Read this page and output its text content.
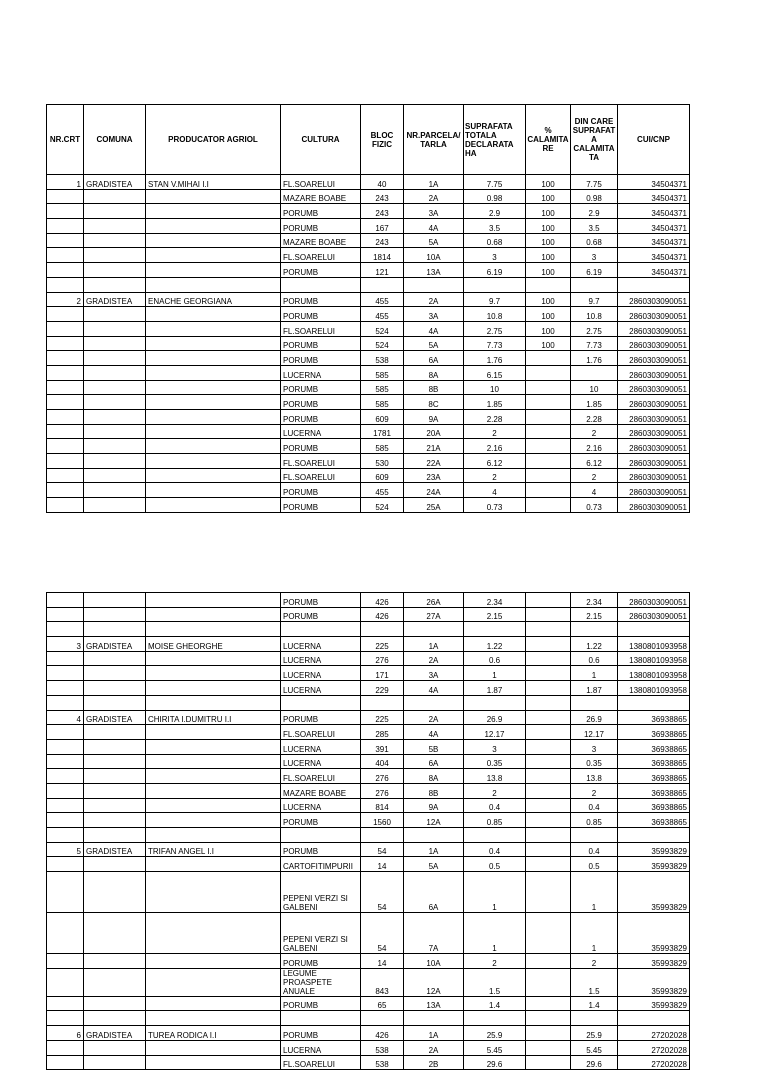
NR.CRT	COMUNA	PRODUCATOR AGRIOL	CULTURA	BLOC FIZIC	NR.PARCELA/ TARLA	SUPRAFATA TOTALA DECLARATA HA	% CALAMITA RE	DIN CARE SUPRAFAT A CALAMITA TA	CUI/CNP
1	GRADISTEA	STAN V.MIHAI I.I	FL.SOARELUI	40	1A	7.75	100	7.75	34504371
			MAZARE BOABE	243	2A	0.98	100	0.98	34504371
			PORUMB	243	3A	2.9	100	2.9	34504371
			PORUMB	167	4A	3.5	100	3.5	34504371
			MAZARE BOABE	243	5A	0.68	100	0.68	34504371
			FL.SOARELUI	1814	10A	3	100	3	34504371
			PORUMB	121	13A	6.19	100	6.19	34504371

2	GRADISTEA	ENACHE GEORGIANA	PORUMB	455	2A	9.7	100	9.7	2860303090051
			PORUMB	455	3A	10.8	100	10.8	2860303090051
			FL.SOARELUI	524	4A	2.75	100	2.75	2860303090051
			PORUMB	524	5A	7.73	100	7.73	2860303090051
			PORUMB	538	6A	1.76		1.76	2860303090051
			LUCERNA	585	8A	6.15			2860303090051
			PORUMB	585	8B	10		10	2860303090051
			PORUMB	585	8C	1.85		1.85	2860303090051
			PORUMB	609	9A	2.28		2.28	2860303090051
			LUCERNA	1781	20A	2		2	2860303090051
			PORUMB	585	21A	2.16		2.16	2860303090051
			FL.SOARELUI	530	22A	6.12		6.12	2860303090051
			FL.SOARELUI	609	23A	2		2	2860303090051
			PORUMB	455	24A	4		4	2860303090051
			PORUMB	524	25A	0.73		0.73	2860303090051
			PORUMB	426	26A	2.34		2.34	2860303090051
			PORUMB	426	27A	2.15		2.15	2860303090051

3	GRADISTEA	MOISE GHEORGHE	LUCERNA	225	1A	1.22		1.22	1380801093958
			LUCERNA	276	2A	0.6		0.6	1380801093958
			LUCERNA	171	3A	1		1	1380801093958
			LUCERNA	229	4A	1.87		1.87	1380801093958

4	GRADISTEA	CHIRITA I.DUMITRU I.I	PORUMB	225	2A	26.9		26.9	36938865
			FL.SOARELUI	285	4A	12.17		12.17	36938865
			LUCERNA	391	5B	3		3	36938865
			LUCERNA	404	6A	0.35		0.35	36938865
			FL.SOARELUI	276	8A	13.8		13.8	36938865
			MAZARE BOABE	276	8B	2		2	36938865
			LUCERNA	814	9A	0.4		0.4	36938865
			PORUMB	1560	12A	0.85		0.85	36938865

5	GRADISTEA	TRIFAN ANGEL I.I	PORUMB	54	1A	0.4		0.4	35993829
			CARTOFITIMPURII	14	5A	0.5		0.5	35993829
			PEPENI VERZI SI GALBENI	54	6A	1		1	35993829
			PEPENI VERZI SI GALBENI	54	7A	1		1	35993829
			PORUMB	14	10A	2		2	35993829
			LEGUME PROASPETE ANUALE	843	12A	1.5		1.5	35993829
			PORUMB	65	13A	1.4		1.4	35993829

6	GRADISTEA	TUREA RODICA I.I	PORUMB	426	1A	25.9		25.9	27202028
			LUCERNA	538	2A	5.45		5.45	27202028
			FL.SOARELUI	538	2B	29.6		29.6	27202028
